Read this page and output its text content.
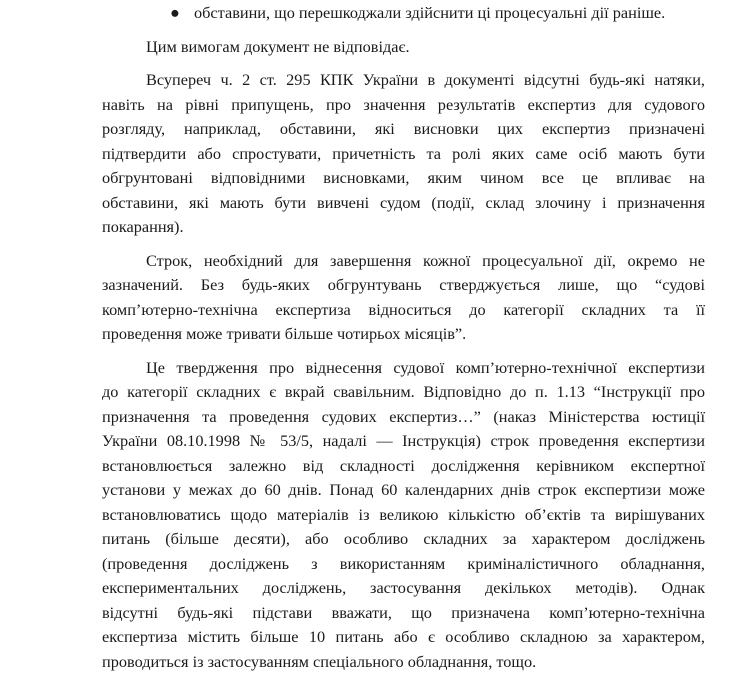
● обставини, що перешкоджали здійснити ці процесуальні дії раніше.
Цим вимогам документ не відповідає.
Всупереч ч. 2 ст. 295 КПК України в документі відсутні будь-які натяки,
навіть на рівні припущень, про значення результатів експертиз для судового
розгляду, наприклад, обставини, які висновки цих експертиз призначені
підтвердити або спростувати, причетність та ролі яких саме осіб мають бути
обгрунтовані відповідними висновками, яким чином все це впливає на
обставини, які мають бути вивчені судом (події, склад злочину і призначення
покарання).
Строк, необхідний для завершення кожної процесуальної дії, окремо не
зазначений. Без будь-яких обгрунтувань стверджується лише, що “судові
комп’ютерно-технічна експертиза відноситься до категорії складних та її
проведення може тривати більше чотирьох місяців”.
Це твердження про віднесення судової комп’ютерно-технічної експертизи
до категорії складних є вкрай свавільним. Відповідно до п. 1.13 “Інструкції про
призначення та проведення судових експертиз…” (наказ Міністерства юстиції
України 08.10.1998 № 53/5, надалі — Інструкція) строк проведення експертизи
встановлюється залежно від складності дослідження керівником експертної
установи у межах до 60 днів. Понад 60 календарних днів строк експертизи може
встановлюватись щодо матеріалів із великою кількістю об’єктів та вирішуваних
питань (більше десяти), або особливо складних за характером досліджень
(проведення досліджень з використанням криміналістичного обладнання,
експериментальних досліджень, застосування декількох методів). Однак
відсутні будь-які підстави вважати, що призначена комп’ютерно-технічна
експертиза містить більше 10 питань або є особливо складною за характером,
проводиться із застосуванням спеціального обладнання, тощо.
